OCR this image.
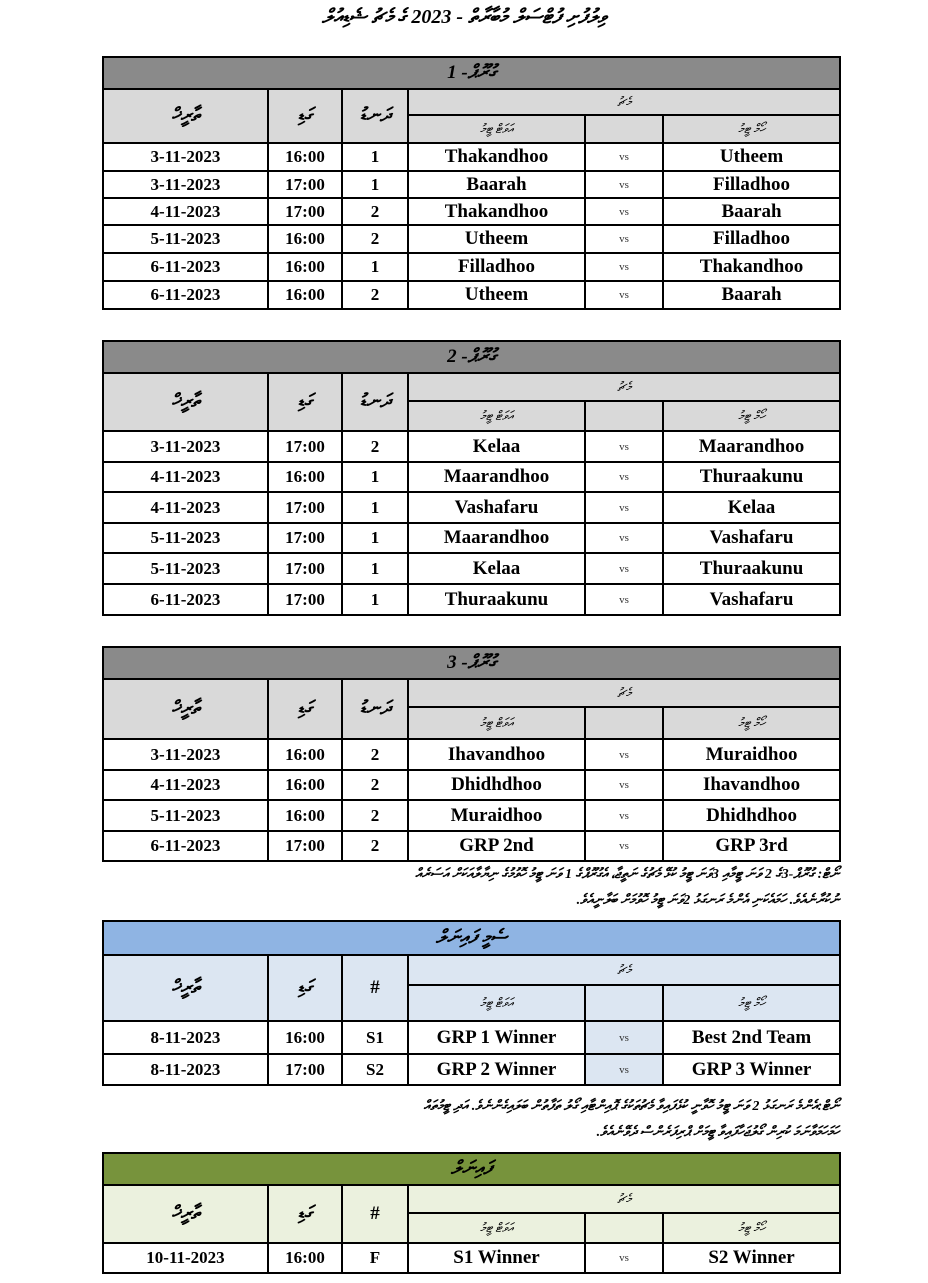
ވިލުފުށި ފުޓްސަލް މުބާރާތް - 2023 ގެ މެޗު ޝެޑިއުލް
ގުރޫޕް- 1					
ތާރީޚް	ގަޑި	ދަނޑު	މެޗު		
			އަވަޓް ޓީމު		ހޯމް ޓީމު
3-11-2023	16:00	1	Thakandhoo	vs	Utheem
3-11-2023	17:00	1	Baarah	vs	Filladhoo
4-11-2023	17:00	2	Thakandhoo	vs	Baarah
5-11-2023	16:00	2	Utheem	vs	Filladhoo
6-11-2023	16:00	1	Filladhoo	vs	Thakandhoo
6-11-2023	16:00	2	Utheem	vs	Baarah
ގުރޫޕް- 2					
ތާރީޚް	ގަޑި	ދަނޑު	މެޗު		
			އަވަޓް ޓީމު		ހޯމް ޓީމު
3-11-2023	17:00	2	Kelaa	vs	Maarandhoo
4-11-2023	16:00	1	Maarandhoo	vs	Thuraakunu
4-11-2023	17:00	1	Vashafaru	vs	Kelaa
5-11-2023	17:00	1	Maarandhoo	vs	Vashafaru
5-11-2023	17:00	1	Kelaa	vs	Thuraakunu
6-11-2023	17:00	1	Thuraakunu	vs	Vashafaru
ގުރޫޕް- 3					
ތާރީޚް	ގަޑި	ދަނޑު	މެޗު		
			އަވަޓް ޓީމު		ހޯމް ޓީމު
3-11-2023	16:00	2	Ihavandhoo	vs	Muraidhoo
4-11-2023	16:00	2	Dhidhdhoo	vs	Ihavandhoo
5-11-2023	16:00	2	Muraidhoo	vs	Dhidhdhoo
6-11-2023	17:00	2	GRP 2nd	vs	GRP 3rd
ނޯޓް: ގުރޫޕް-3ގެ 2 ވަނަ ޓީމާއި 3ވަނަ ޓީމު ކުޅޭ މެޗުގެ ނަތީޖާ، އެގުރޫޕްގެ 1 ވަނަ ޓީމު ހޮވުމުގެ ނިޔާލާއަކަށް އަސަރެއް
ނުކުރާނެއެވެ. ހަމައެކަނި އެންމެ ރަނގަޅު 2ވަނަ ޓީމު ހޮވުމަށް ބަލާނީއެވެ.
ސެމީ ފައިނަލް					
ތާރީޚް	ގަޑި	#	މެޗު		
			އަވަޓް ޓީމު		ހޯމް ޓީމު
8-11-2023	16:00	S1	GRP 1 Winner	vs	Best 2nd Team
8-11-2023	17:00	S2	GRP 2 Winner	vs	GRP 3 Winner
ނޯޓް:އެންމެ ރަނގަޅު 2 ވަނަ ޓީމު ހޮވާނީ ކުޅެފައިވާ މެޗުތަކުގެ ޕޮއިންޓާއި ގޯލު ތަފާތުން ބަލައިގެންނެވެ. އަދި ޓީމުތައް
ހަމަހަމަވާނަމަ ކުރިން ގޯލުޖަހާފައިވާ ޓީމަށް ޕްރިފަރެންސް ދެވޭނެއެވެ.
ފައިނަލް					
ތާރީޚް	ގަޑި	#	މެޗު		
			އަވަޓް ޓީމު		ހޯމް ޓީމު
10-11-2023	16:00	F	S1 Winner	vs	S2 Winner
